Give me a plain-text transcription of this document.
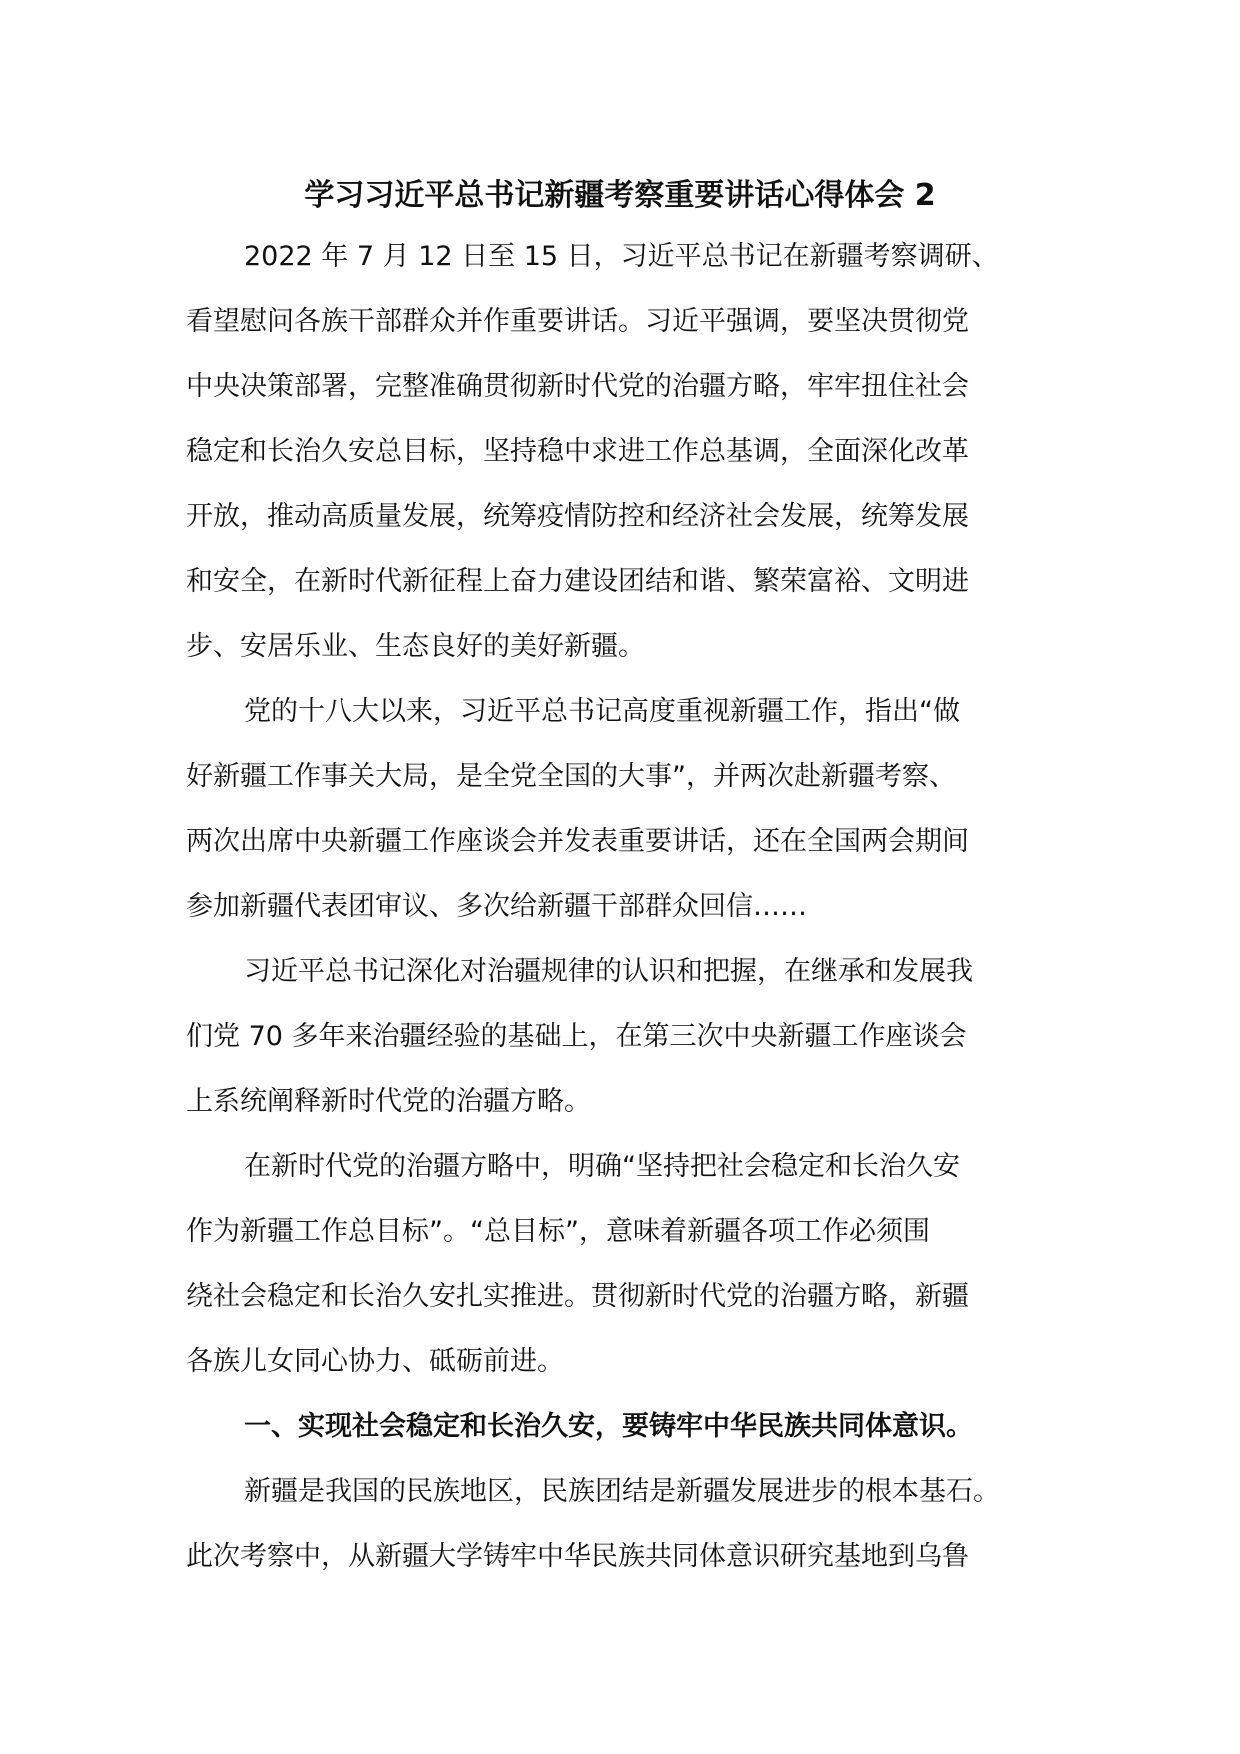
学习习近平总书记新疆考察重要讲话心得体会 2
2022 年 7 月 12 日至 15 日，习近平总书记在新疆考察调研、
看望慰问各族干部群众并作重要讲话。习近平强调，要坚决贯彻党
中央决策部署，完整准确贯彻新时代党的治疆方略，牢牢扭住社会
稳定和长治久安总目标，坚持稳中求进工作总基调，全面深化改革
开放，推动高质量发展，统筹疫情防控和经济社会发展，统筹发展
和安全，在新时代新征程上奋力建设团结和谐、繁荣富裕、文明进
步、安居乐业、生态良好的美好新疆。
党的十八大以来，习近平总书记高度重视新疆工作，指出“做
好新疆工作事关大局，是全党全国的大事”，并两次赴新疆考察、
两次出席中央新疆工作座谈会并发表重要讲话，还在全国两会期间
参加新疆代表团审议、多次给新疆干部群众回信……
习近平总书记深化对治疆规律的认识和把握，在继承和发展我
们党 70 多年来治疆经验的基础上，在第三次中央新疆工作座谈会
上系统阐释新时代党的治疆方略。
在新时代党的治疆方略中，明确“坚持把社会稳定和长治久安
作为新疆工作总目标”。“总目标”，意味着新疆各项工作必须围
绕社会稳定和长治久安扎实推进。贯彻新时代党的治疆方略，新疆
各族儿女同心协力、砥砺前进。
一、实现社会稳定和长治久安，要铸牢中华民族共同体意识。
新疆是我国的民族地区，民族团结是新疆发展进步的根本基石。
此次考察中，从新疆大学铸牢中华民族共同体意识研究基地到乌鲁
